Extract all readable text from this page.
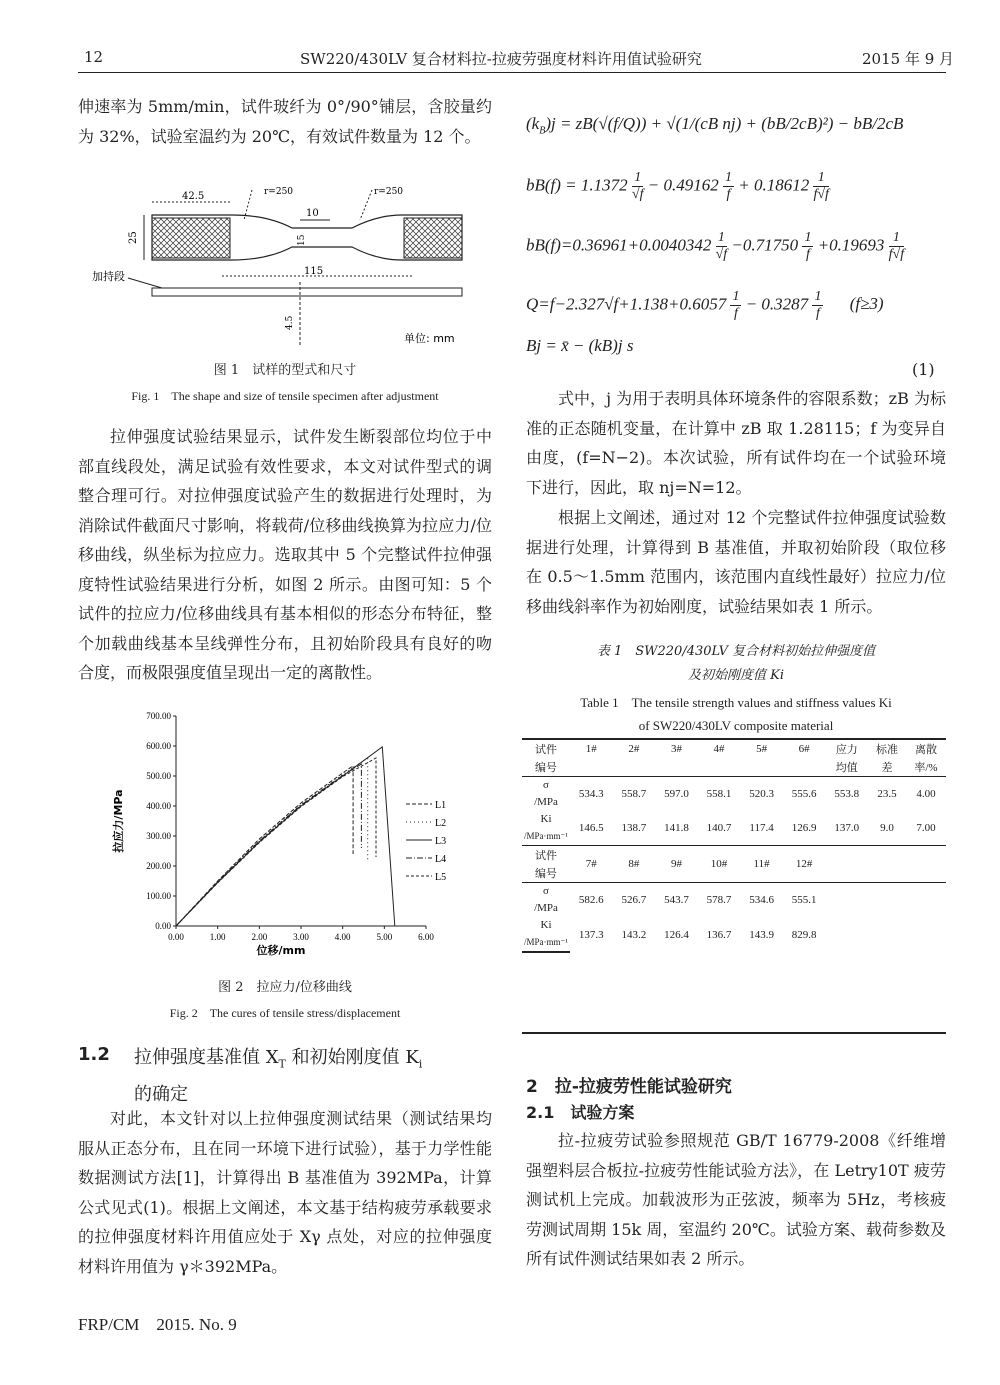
12	SW220/430LV 复合材料拉-拉疲劳强度材料许用值试验研究	2015 年 9 月
伸速率为 5mm/min，试件玻纤为 0°/90°铺层，含胶量约为 32%，试验室温约为 20℃，有效试件数量为 12 个。
42.5	r=250	r=250
10
25	15
115
加持段
4.5
单位: mm
图 1　试样的型式和尺寸
Fig. 1　The shape and size of tensile specimen after adjustment
拉伸强度试验结果显示，试件发生断裂部位均位于中部直线段处，满足试验有效性要求，本文对试件型式的调整合理可行。对拉伸强度试验产生的数据进行处理时，为消除试件截面尺寸影响，将载荷/位移曲线换算为拉应力/位移曲线，纵坐标为拉应力。选取其中 5 个完整试件拉伸强度特性试验结果进行分析，如图 2 所示。由图可知：5 个试件的拉应力/位移曲线具有基本相似的形态分布特征，整个加载曲线基本呈线弹性分布，且初始阶段具有良好的吻合度，而极限强度值呈现出一定的离散性。
0.00	1.00	2.00	3.00	4.00	5.00	6.00
0.00
100.00
200.00
300.00
400.00
500.00
600.00
700.00
位移/mm
拉应力/MPa	L1
L2
L3
L4
L5
图 2　拉应力/位移曲线
Fig. 2　The cures of tensile stress/displacement
1.2 拉伸强度基准值 $X_T$ 和初始刚度值 $K_i$
的确定
对此，本文针对以上拉伸强度测试结果（测试结果均服从正态分布，且在同一环境下进行试验），基于力学性能数据测试方法[1]，计算得出 B 基准值为 392MPa，计算公式见式(1)。根据上文阐述，本文基于结构疲劳承载要求的拉伸强度材料许用值应处于 Xγ 点处，对应的拉伸强度材料许用值为 γ＊392MPa。
$(k_B)j = zB(√(f/Q)) + √(1/(cB$ nj) + (bB/2cB)²) − bB/2cB
$bB(f) = 1.1372 \frac{1}{√f} - 0.49162 \frac{1}{f} + 0.18612 \frac{1}{f√f}$
$bB(f)=0.36961+0.0040342 \frac{1}{√f} -0.71750 \frac{1}{f} +0.19693 \frac{1}{f√f}$
$Q=f-2.327√f+1.138+0.6057 \frac{1}{f} - 0.3287 \frac{1}{f} (f\ge 3)$
Bj = x̄ − (kB)j s
(1)
式中，j 为用于表明具体环境条件的容限系数；zB 为标准的正态随机变量，在计算中 zB 取 1.28115；f 为变异自由度，(f=N−2)。本次试验，所有试件均在一个试验环境下进行，因此，取 nj=N=12。
根据上文阐述，通过对 12 个完整试件拉伸强度试验数据进行处理，计算得到 B 基准值，并取初始阶段（取位移在 0.5～1.5mm 范围内，该范围内直线性最好）拉应力/位移曲线斜率作为初始刚度，试验结果如表 1 所示。
表 1　SW220/430LV 复合材料初始拉伸强度值
及初始刚度值 Ki
Table 1　The tensile strength values and stiffness values Ki
of SW220/430LV composite material
试件	1#	2#	3#	4#	5#	6#	应力	标准	离散
编号							均值	差	率/%
σ	534.3	558.7	597.0	558.1	520.3	555.6	553.8	23.5	4.00
/MPa									
Ki	146.5	138.7	141.8	140.7	117.4	126.9	137.0	9.0	7.00
/MPa·mm⁻¹									
试件	7#	8#	9#	10#	11#	12#			
编号									
σ	582.6	526.7	543.7	578.7	534.6	555.1			
/MPa									
Ki	137.3	143.2	126.4	136.7	143.9	829.8			
/MPa·mm⁻¹									
2　拉-拉疲劳性能试验研究
2.1　试验方案
拉-拉疲劳试验参照规范 GB/T 16779-2008《纤维增强塑料层合板拉-拉疲劳性能试验方法》，在 Letry10T 疲劳测试机上完成。加载波形为正弦波，频率为 5Hz，考核疲劳测试周期 15k 周，室温约 20℃。试验方案、载荷参数及所有试件测试结果如表 2 所示。
FRP/CM　2015. No. 9
